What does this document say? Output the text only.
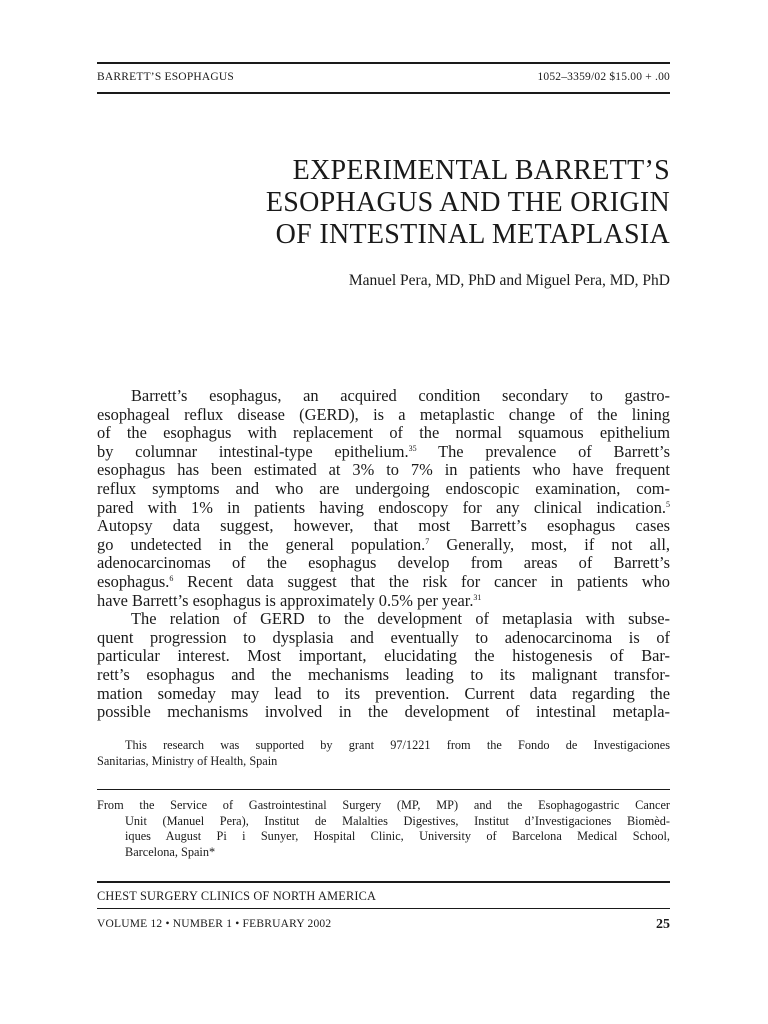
BARRETT’S ESOPHAGUS	1052–3359/02 $15.00 + .00
EXPERIMENTAL BARRETT’S
ESOPHAGUS AND THE ORIGIN
OF INTESTINAL METAPLASIA
Manuel Pera, MD, PhD and Miguel Pera, MD, PhD
Barrett’s esophagus, an acquired condition secondary to gastro-
esophageal reflux disease (GERD), is a metaplastic change of the lining
of the esophagus with replacement of the normal squamous epithelium
by columnar intestinal-type epithelium.$^{35}$ The prevalence of Barrett’s
esophagus has been estimated at 3% to 7% in patients who have frequent
reflux symptoms and who are undergoing endoscopic examination, com-
pared with 1% in patients having endoscopy for any clinical indication.$^5$
Autopsy data suggest, however, that most Barrett’s esophagus cases
go undetected in the general population.$^7$ Generally, most, if not all,
adenocarcinomas of the esophagus develop from areas of Barrett’s
esophagus.$^6$ Recent data suggest that the risk for cancer in patients who
have Barrett’s esophagus is approximately 0.5% per year.$^{31}$
The relation of GERD to the development of metaplasia with subse-
quent progression to dysplasia and eventually to adenocarcinoma is of
particular interest. Most important, elucidating the histogenesis of Bar-
rett’s esophagus and the mechanisms leading to its malignant transfor-
mation someday may lead to its prevention. Current data regarding the
possible mechanisms involved in the development of intestinal metapla-
This research was supported by grant 97/1221 from the Fondo de Investigaciones
Sanitarias, Ministry of Health, Spain
From the Service of Gastrointestinal Surgery (MP, MP) and the Esophagogastric Cancer
Unit (Manuel Pera), Institut de Malalties Digestives, Institut d’Investigaciones Biomèd-
iques August Pi i Sunyer, Hospital Clinic, University of Barcelona Medical School,
Barcelona, Spain*
CHEST SURGERY CLINICS OF NORTH AMERICA
VOLUME 12 • NUMBER 1 • FEBRUARY 2002	25
